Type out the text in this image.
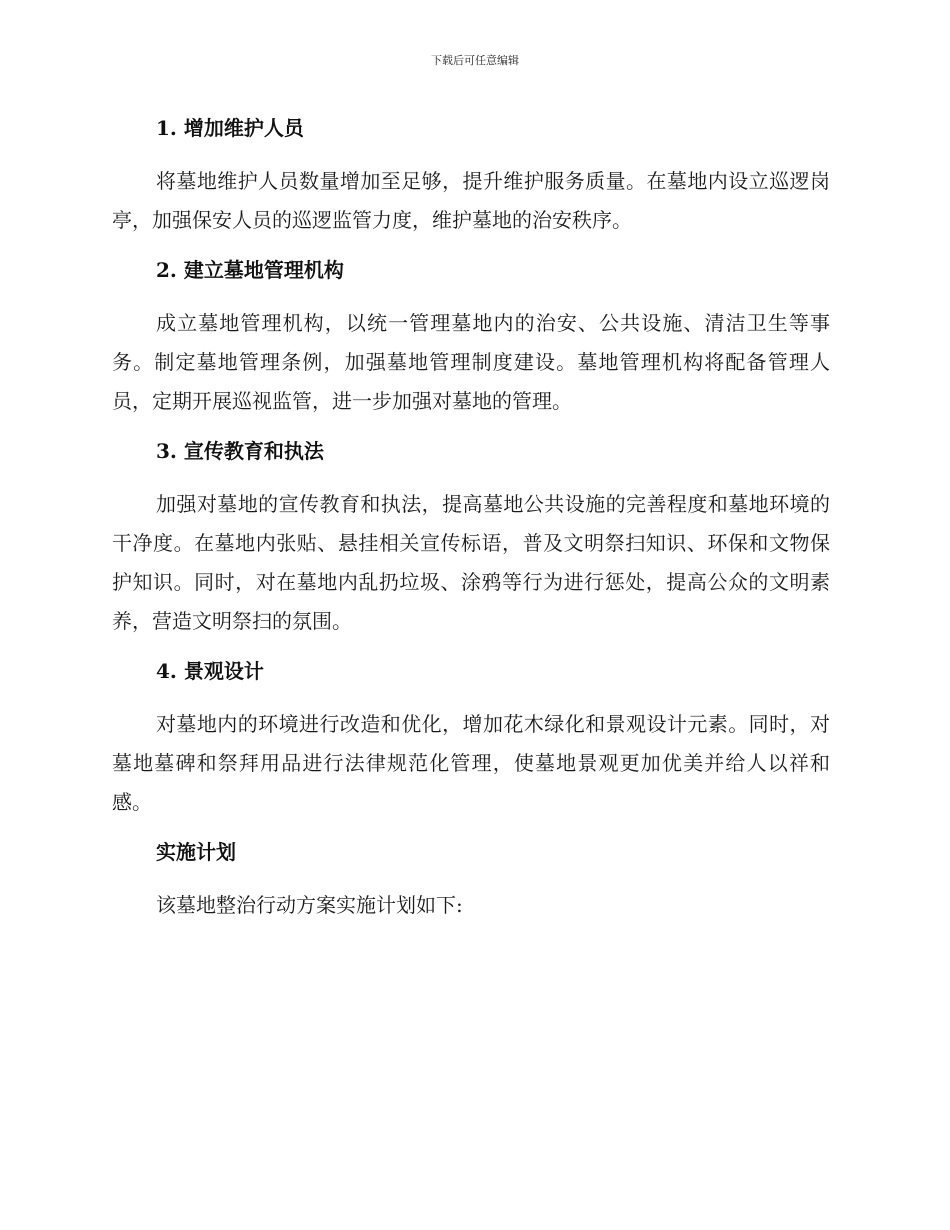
下载后可任意编辑

1. 增加维护人员

将墓地维护人员数量增加至足够，提升维护服务质量。在墓地内设立巡逻岗亭，加强保安人员的巡逻监管力度，维护墓地的治安秩序。

2. 建立墓地管理机构

成立墓地管理机构，以统一管理墓地内的治安、公共设施、清洁卫生等事务。制定墓地管理条例，加强墓地管理制度建设。墓地管理机构将配备管理人员，定期开展巡视监管，进一步加强对墓地的管理。

3. 宣传教育和执法

加强对墓地的宣传教育和执法，提高墓地公共设施的完善程度和墓地环境的干净度。在墓地内张贴、悬挂相关宣传标语，普及文明祭扫知识、环保和文物保护知识。同时，对在墓地内乱扔垃圾、涂鸦等行为进行惩处，提高公众的文明素养，营造文明祭扫的氛围。

4. 景观设计

对墓地内的环境进行改造和优化，增加花木绿化和景观设计元素。同时，对墓地墓碑和祭拜用品进行法律规范化管理，使墓地景观更加优美并给人以祥和感。

实施计划

该墓地整治行动方案实施计划如下:
